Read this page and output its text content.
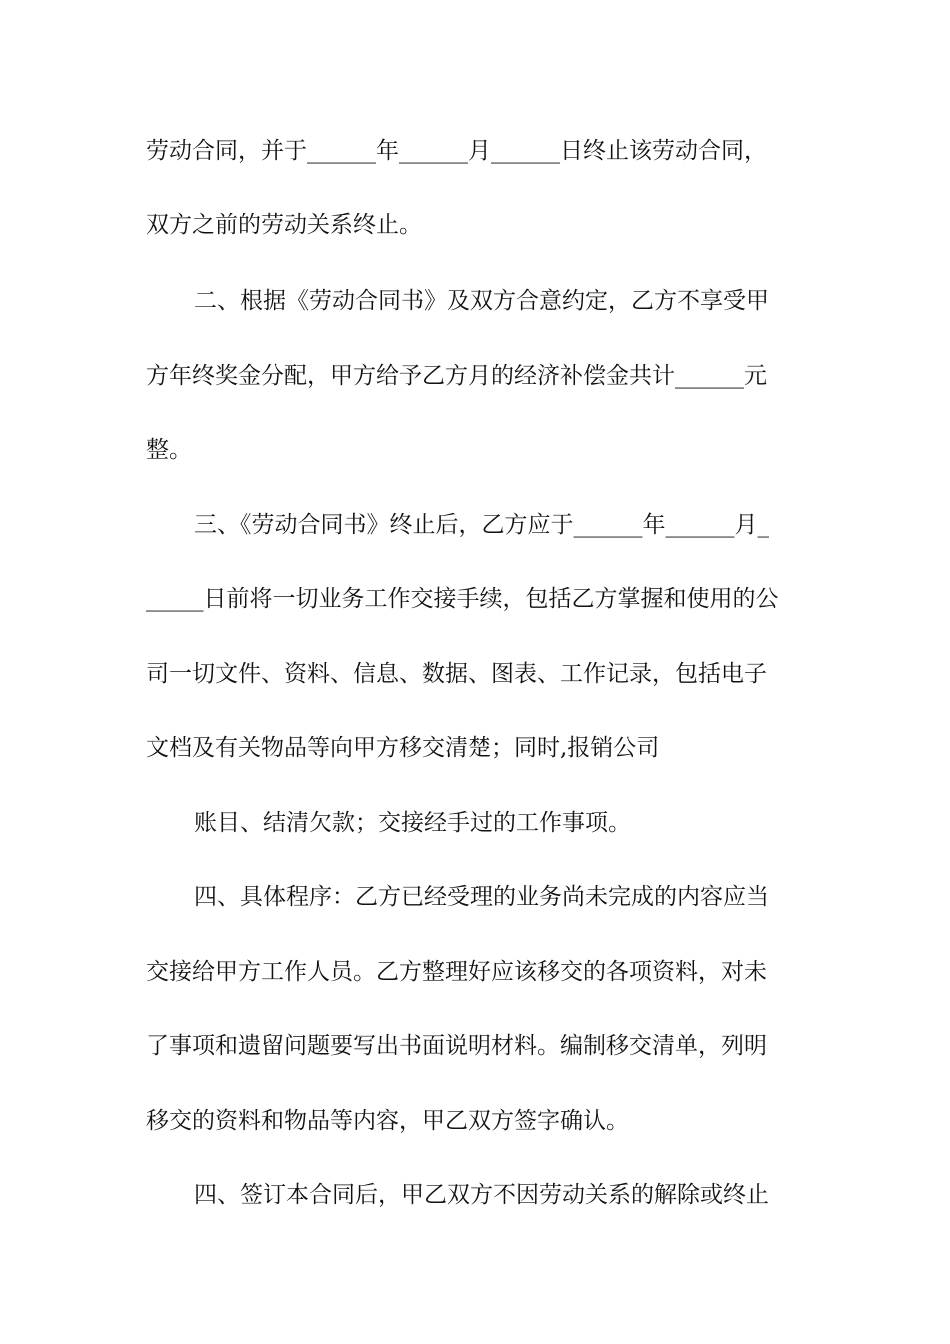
劳动合同，并于______年______月______日终止该劳动合同，
双方之前的劳动关系终止。
二、根据《劳动合同书》及双方合意约定，乙方不享受甲
方年终奖金分配，甲方给予乙方月的经济补偿金共计______元
整。
三、《劳动合同书》终止后，乙方应于______年______月_
_____日前将一切业务工作交接手续，包括乙方掌握和使用的公
司一切文件、资料、信息、数据、图表、工作记录，包括电子
文档及有关物品等向甲方移交清楚；同时,报销公司
账目、结清欠款；交接经手过的工作事项。
四、具体程序：乙方已经受理的业务尚未完成的内容应当
交接给甲方工作人员。乙方整理好应该移交的各项资料，对未
了事项和遗留问题要写出书面说明材料。编制移交清单，列明
移交的资料和物品等内容，甲乙双方签字确认。
四、签订本合同后，甲乙双方不因劳动关系的解除或终止
